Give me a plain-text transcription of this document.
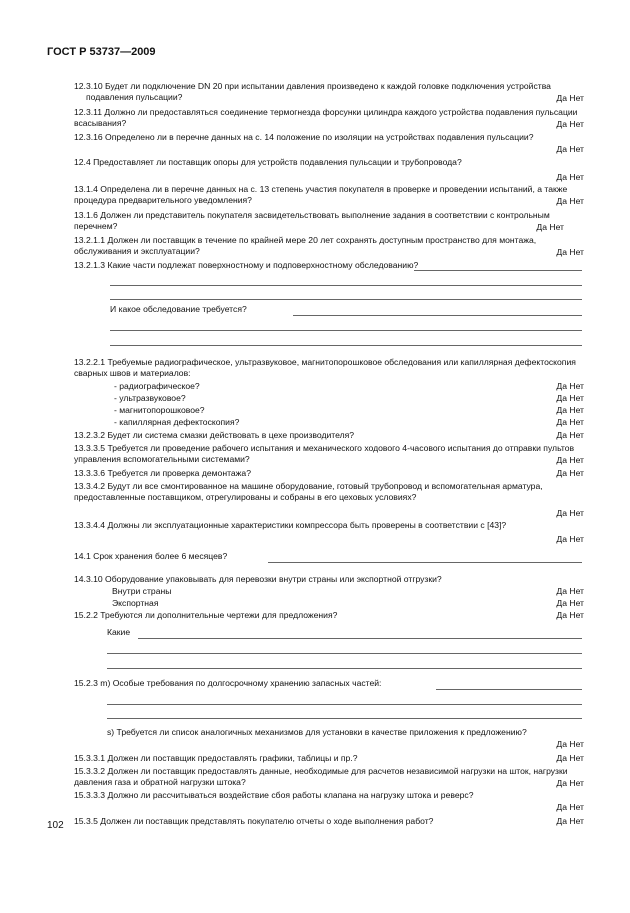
ГОСТ Р 53737—2009
12.3.10 Будет ли подключение DN 20 при испытании давления произведено к каждой головке подключения устройства подавления пульсации?	Да Нет
12.3.11 Должно ли предоставляться соединение термогнезда форсунки цилиндра каждого устройства подавления пульсации всасывания?	Да Нет
12.3.16 Определено ли в перечне данных на с. 14 положение по изоляции на устройствах подавления пульсации?
Да Нет
12.4 Предоставляет ли поставщик опоры для устройств подавления пульсации и трубопровода?
Да Нет
13.1.4 Определена ли в перечне данных на с. 13 степень участия покупателя в проверке и проведении испытаний, а также процедура предварительного уведомления?	Да Нет
13.1.6 Должен ли представитель покупателя засвидетельствовать выполнение задания в соответствии с контрольным перечнем?	Да Нет
13.2.1.1 Должен ли поставщик в течение по крайней мере 20 лет сохранять доступным пространство для монтажа, обслуживания и эксплуатации?	Да Нет
13.2.1.3 Какие части подлежат поверхностному и подповерхностному обследованию?
И какое обследование требуется?
13.2.2.1 Требуемые радиографическое, ультразвуковое, магнитопорошковое обследования или капиллярная дефектоскопия сварных швов и материалов:
- радиографическое?	Да Нет
- ультразвуковое?	Да Нет
- магнитопорошковое?	Да Нет
- капиллярная дефектоскопия?	Да Нет
13.2.3.2 Будет ли система смазки действовать в цехе производителя?	Да Нет
13.3.3.5 Требуется ли проведение рабочего испытания и механического ходового 4-часового испытания до отправки пультов управления вспомогательными системами?	Да Нет
13.3.3.6 Требуется ли проверка демонтажа?	Да Нет
13.3.4.2 Будут ли все смонтированное на машине оборудование, готовый трубопровод и вспомогательная арматура, предоставленные поставщиком, отрегулированы и собраны в его цеховых условиях?
Да Нет
13.3.4.4 Должны ли эксплуатационные характеристики компрессора быть проверены в соответствии с [43]?
Да Нет
14.1 Срок хранения более 6 месяцев?
14.3.10 Оборудование упаковывать для перевозки внутри страны или экспортной отгрузки?
Внутри страны	Да Нет
Экспортная	Да Нет
15.2.2 Требуются ли дополнительные чертежи для предложения?	Да Нет
Какие
15.2.3 m) Особые требования по долгосрочному хранению запасных частей:
s) Требуется ли список аналогичных механизмов для установки в качестве приложения к предложению?
Да Нет
15.3.3.1 Должен ли поставщик предоставлять графики, таблицы и пр.?	Да Нет
15.3.3.2 Должен ли поставщик предоставлять данные, необходимые для расчетов независимой нагрузки на шток, нагрузки давления газа и обратной нагрузки штока?	Да Нет
15.3.3.3 Должно ли рассчитываться воздействие сбоя работы клапана на нагрузку штока и реверс?
Да Нет
15.3.5 Должен ли поставщик представлять покупателю отчеты о ходе выполнения работ?	Да Нет
102
